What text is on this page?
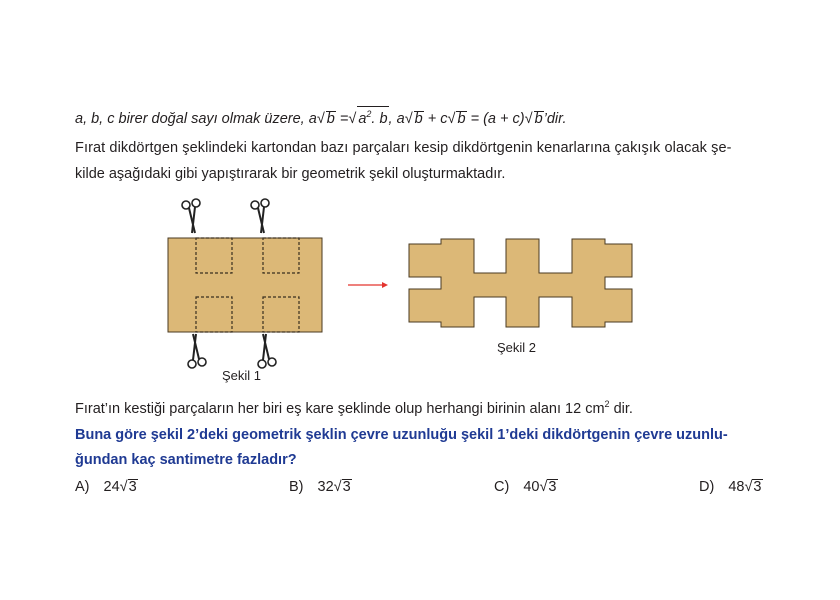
a, b, c birer doğal sayı olmak üzere, a√ b =√ $a^2$. b, a√ b + c√ b = (a + c)√ b’dir.
Fırat dikdörtgen şeklindeki kartondan bazı parçaları kesip dikdörtgenin kenarlarına çakışık olacak şe-
kilde aşağıdaki gibi yapıştırarak bir geometrik şekil oluşturmaktadır.
Şekil 1
Şekil 2
Fırat’ın kestiği parçaların her biri eş kare şeklinde olup herhangi birinin alanı 12 $cm^2$ dir.
Buna göre şekil 2’deki geometrik şeklin çevre uzunluğu şekil 1’deki dikdörtgenin çevre uzunlu-
ğundan kaç santimetre fazladır?
A) 24√3	B) 32√3	C) 40√3	D) 48√3
